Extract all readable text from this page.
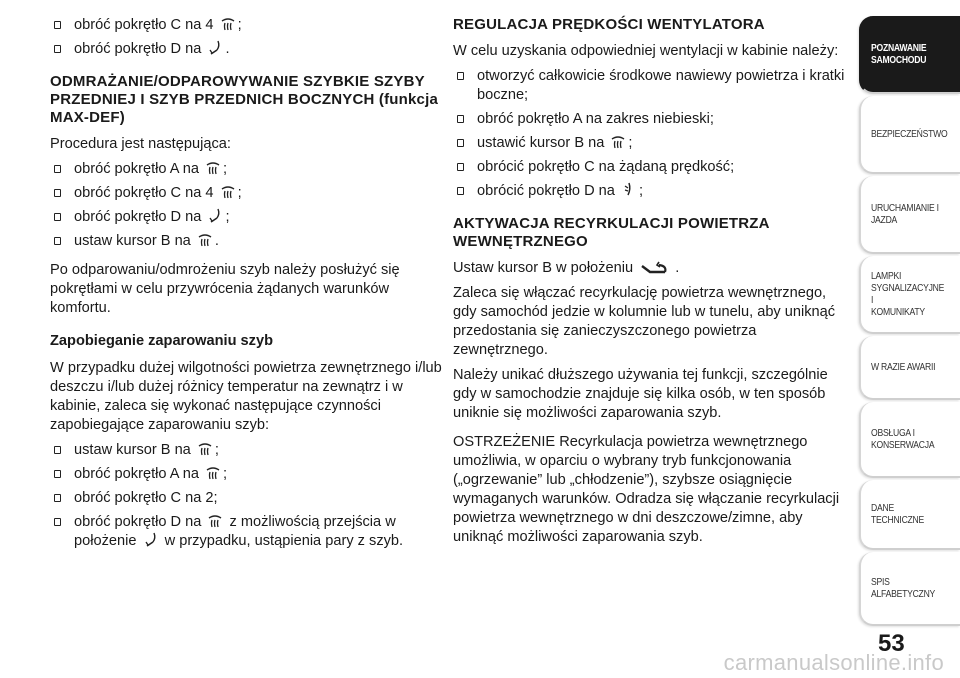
obróć pokrętło C na 4 ;
obróć pokrętło D na .
ODMRAŻANIE/ODPAROWYWANIE SZYBKIE SZYBY PRZEDNIEJ I SZYB PRZEDNICH BOCZNYCH (funkcja MAX-DEF)
Procedura jest następująca:
obróć pokrętło A na ;
obróć pokrętło C na 4 ;
obróć pokrętło D na ;
ustaw kursor B na .
Po odparowaniu/odmrożeniu szyb należy posłużyć się pokrętłami w celu przywrócenia żądanych warunków komfortu.
Zapobieganie zaparowaniu szyb
W przypadku dużej wilgotności powietrza zewnętrznego i/lub deszczu i/lub dużej różnicy temperatur na zewnątrz i w kabinie, zaleca się wykonać następujące czynności zapobiegające zaparowaniu szyb:
ustaw kursor B na ;
obróć pokrętło A na ;
obróć pokrętło C na 2;
obróć pokrętło D na z możliwością przejścia w położenie w przypadku, ustąpienia pary z szyb.
REGULACJA PRĘDKOŚCI WENTYLATORA
W celu uzyskania odpowiedniej wentylacji w kabinie należy:
otworzyć całkowicie środkowe nawiewy powietrza i kratki boczne;
obróć pokrętło A na zakres niebieski;
ustawić kursor B na ;
obrócić pokrętło C na żądaną prędkość;
obrócić pokrętło D na ;
AKTYWACJA RECYRKULACJI POWIETRZA WEWNĘTRZNEGO
Ustaw kursor B w położeniu	.
Zaleca się włączać recyrkulację powietrza wewnętrznego, gdy samochód jedzie w kolumnie lub w tunelu, aby uniknąć przedostania się zanieczyszczonego powietrza zewnętrznego.
Należy unikać dłuższego używania tej funkcji, szczególnie gdy w samochodzie znajduje się kilka osób, w ten sposób uniknie się możliwości zaparowania szyb.
OSTRZEŻENIE Recyrkulacja powietrza wewnętrznego umożliwia, w oparciu o wybrany tryb funkcjonowania („ogrzewanie” lub „chłodzenie”), szybsze osiągnięcie wymaganych warunków. Odradza się włączanie recyrkulacji powietrza wewnętrznego w dni deszczowe/zimne, aby uniknąć możliwości zaparowania szyb.
POZNAWANIE
SAMOCHODU
BEZPIECZEŃSTWO
URUCHAMIANIE I
JAZDA
LAMPKI
SYGNALIZACYJNE I
KOMUNIKATY
W RAZIE AWARII
OBSŁUGA I
KONSERWACJA
DANE TECHNICZNE
SPIS ALFABETYCZNY
53
carmanualsonline.info
